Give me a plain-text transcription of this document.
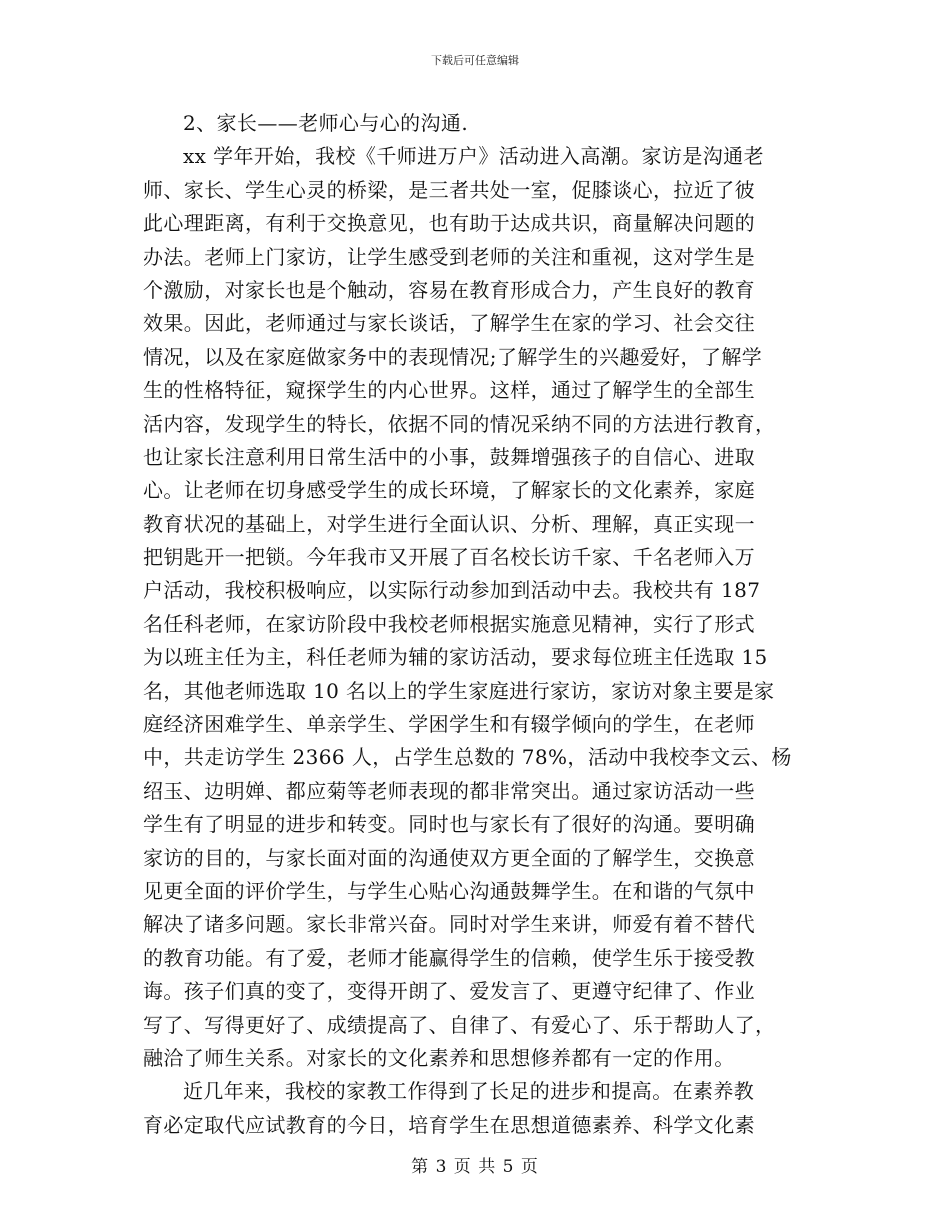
下载后可任意编辑
2、家长——老师心与心的沟通.
xx 学年开始，我校《千师进万户》活动进入高潮。家访是沟通老
师、家长、学生心灵的桥梁，是三者共处一室，促膝谈心，拉近了彼
此心理距离，有利于交换意见，也有助于达成共识，商量解决问题的
办法。老师上门家访，让学生感受到老师的关注和重视，这对学生是
个激励，对家长也是个触动，容易在教育形成合力，产生良好的教育
效果。因此，老师通过与家长谈话，了解学生在家的学习、社会交往
情况，以及在家庭做家务中的表现情况;了解学生的兴趣爱好，了解学
生的性格特征，窥探学生的内心世界。这样，通过了解学生的全部生
活内容，发现学生的特长，依据不同的情况采纳不同的方法进行教育，
也让家长注意利用日常生活中的小事，鼓舞增强孩子的自信心、进取
心。让老师在切身感受学生的成长环境，了解家长的文化素养，家庭
教育状况的基础上，对学生进行全面认识、分析、理解，真正实现一
把钥匙开一把锁。今年我市又开展了百名校长访千家、千名老师入万
户活动，我校积极响应，以实际行动参加到活动中去。我校共有 187
名任科老师，在家访阶段中我校老师根据实施意见精神，实行了形式
为以班主任为主，科任老师为辅的家访活动，要求每位班主任选取 15
名，其他老师选取 10 名以上的学生家庭进行家访，家访对象主要是家
庭经济困难学生、单亲学生、学困学生和有辍学倾向的学生，在老师
中，共走访学生 2366 人，占学生总数的 78%，活动中我校李文云、杨
绍玉、边明婵、都应菊等老师表现的都非常突出。通过家访活动一些
学生有了明显的进步和转变。同时也与家长有了很好的沟通。要明确
家访的目的，与家长面对面的沟通使双方更全面的了解学生，交换意
见更全面的评价学生，与学生心贴心沟通鼓舞学生。在和谐的气氛中
解决了诸多问题。家长非常兴奋。同时对学生来讲，师爱有着不替代
的教育功能。有了爱，老师才能赢得学生的信赖，使学生乐于接受教
诲。孩子们真的变了，变得开朗了、爱发言了、更遵守纪律了、作业
写了、写得更好了、成绩提高了、自律了、有爱心了、乐于帮助人了，
融洽了师生关系。对家长的文化素养和思想修养都有一定的作用。
近几年来，我校的家教工作得到了长足的进步和提高。在素养教
育必定取代应试教育的今日，培育学生在思想道德素养、科学文化素
第 3 页 共 5 页
